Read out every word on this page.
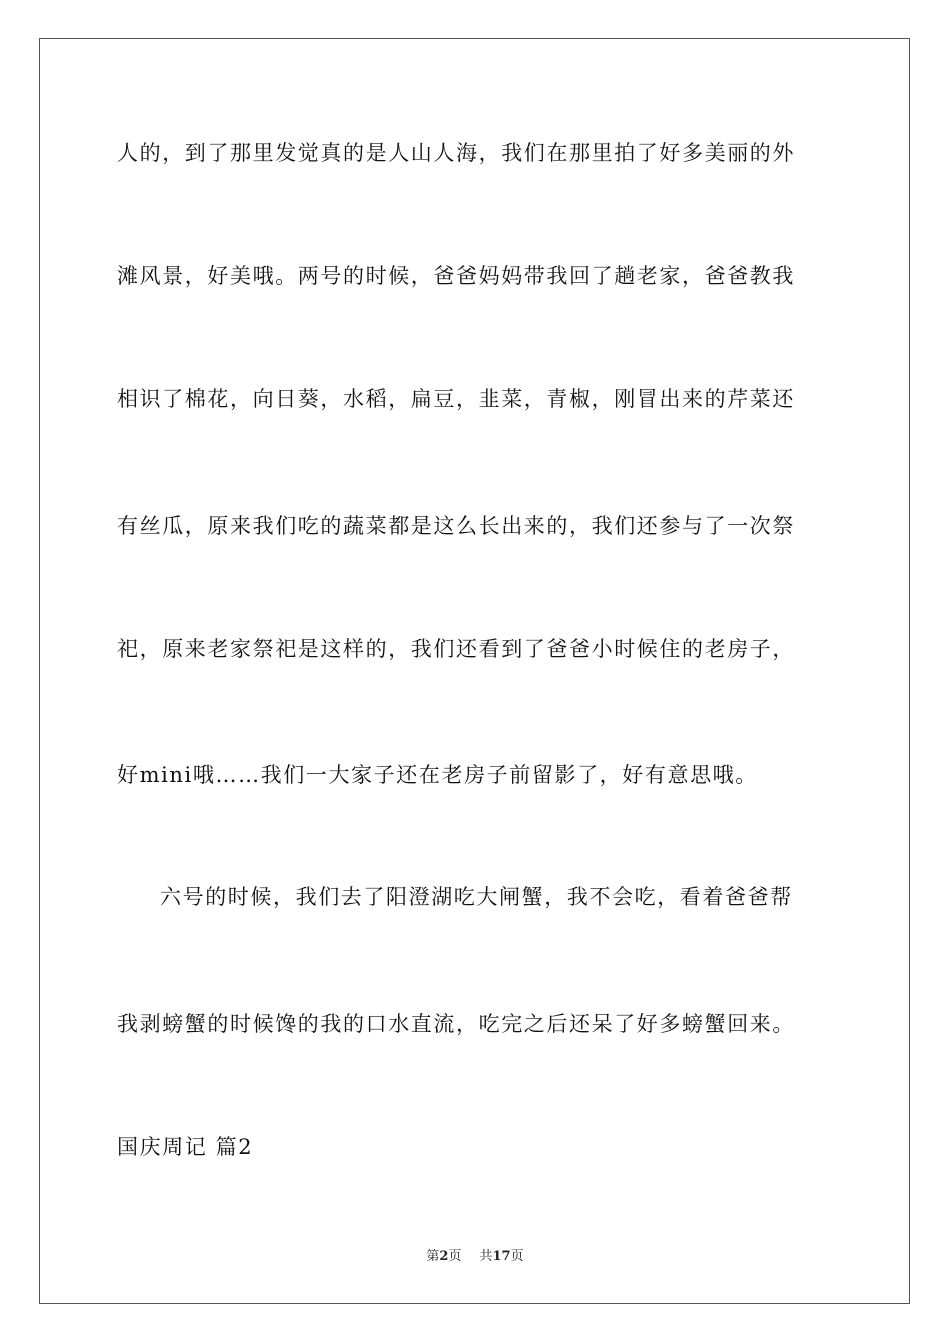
人的，到了那里发觉真的是人山人海，我们在那里拍了好多美丽的外
滩风景，好美哦。两号的时候，爸爸妈妈带我回了趟老家，爸爸教我
相识了棉花，向日葵，水稻，扁豆，韭菜，青椒，刚冒出来的芹菜还
有丝瓜，原来我们吃的蔬菜都是这么长出来的，我们还参与了一次祭
祀，原来老家祭祀是这样的，我们还看到了爸爸小时候住的老房子，
好mini哦……我们一大家子还在老房子前留影了，好有意思哦。
六号的时候，我们去了阳澄湖吃大闸蟹，我不会吃，看着爸爸帮
我剥螃蟹的时候馋的我的口水直流，吃完之后还呆了好多螃蟹回来。
国庆周记 篇2
第2页 共17页
